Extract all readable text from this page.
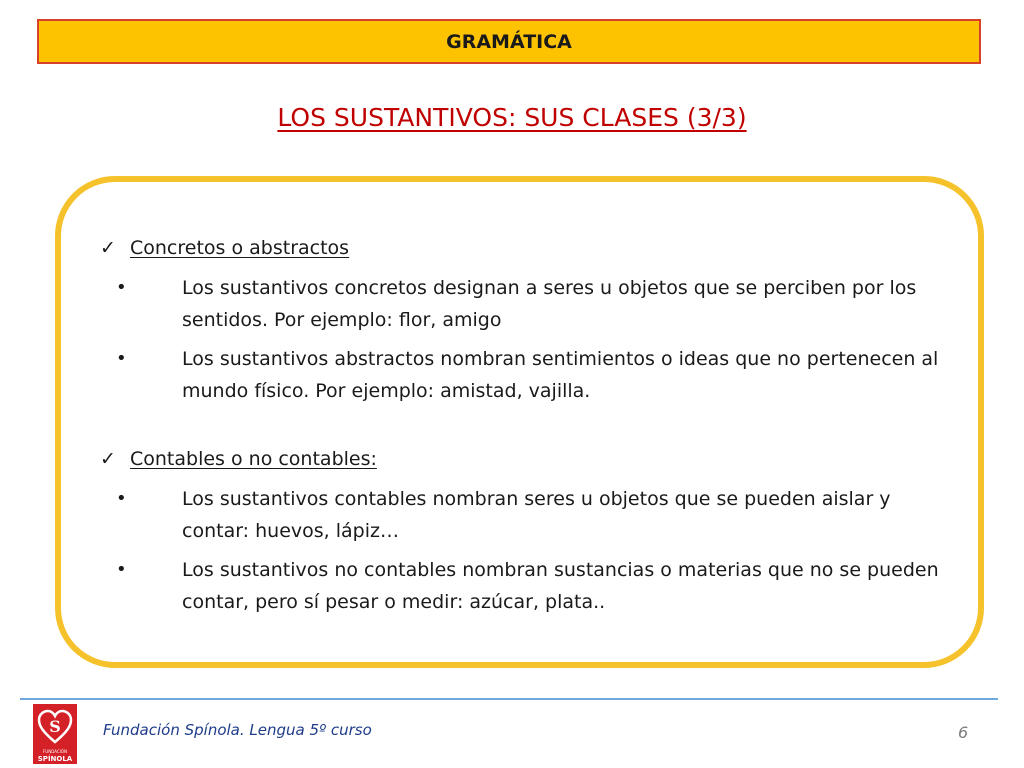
GRAMÁTICA
LOS SUSTANTIVOS: SUS CLASES (3/3)
✓ Concretos o abstractos
•	Los sustantivos concretos designan a seres u objetos que se perciben por los sentidos. Por ejemplo: flor, amigo
•	Los sustantivos abstractos nombran sentimientos o ideas que no pertenecen al mundo físico. Por ejemplo: amistad, vajilla.
✓ Contables o no contables:
•	Los sustantivos contables nombran seres u objetos que se pueden aislar y contar: huevos, lápiz…
•	Los sustantivos no contables nombran sustancias o materias que no se pueden contar, pero sí pesar o medir: azúcar, plata..
S
FUNDACIÓN
SPÍNOLA
Fundación Spínola. Lengua 5º curso	6
